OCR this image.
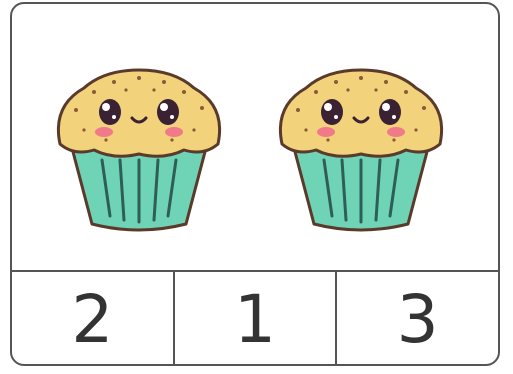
2	1	3
